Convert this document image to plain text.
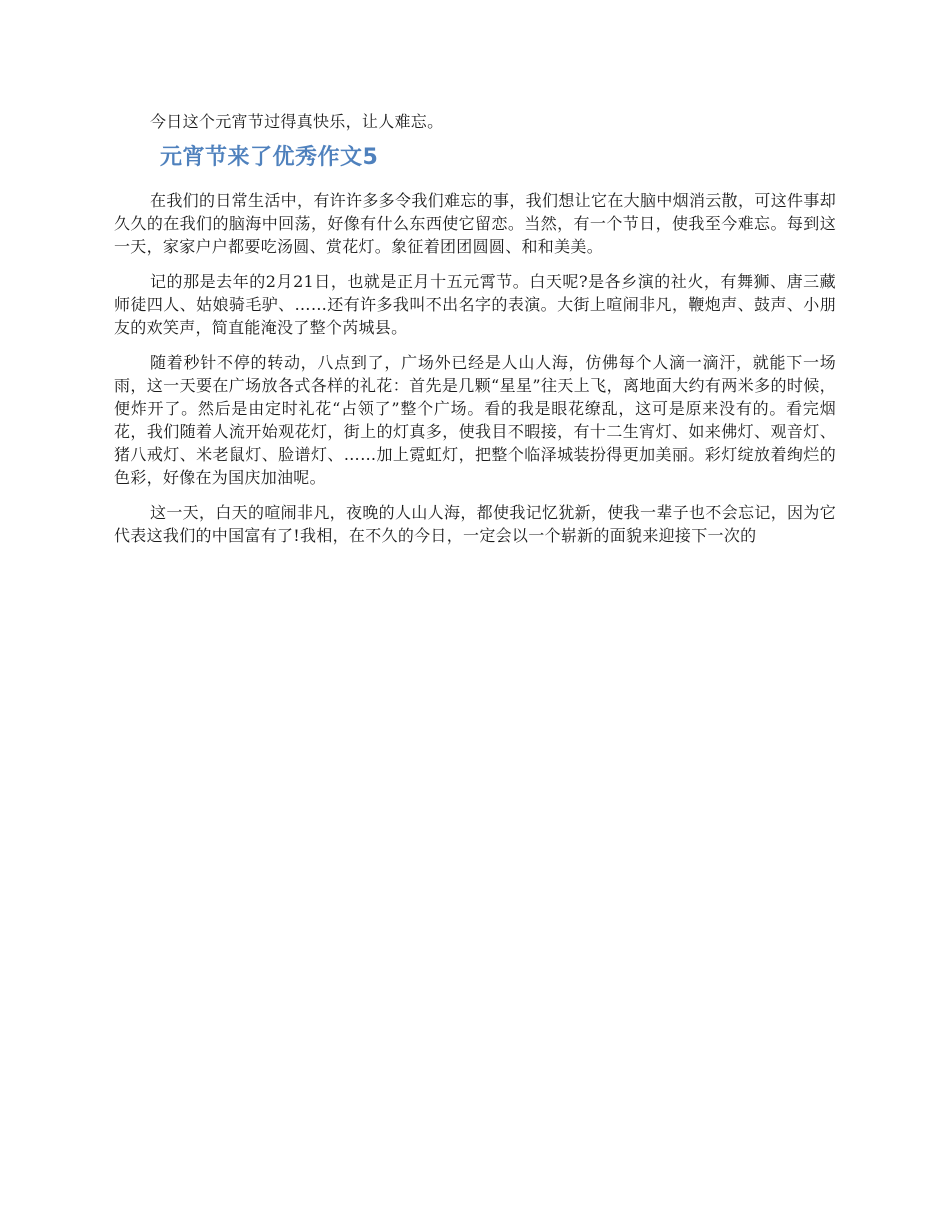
今日这个元宵节过得真快乐，让人难忘。

元宵节来了优秀作文5

在我们的日常生活中，有许许多多令我们难忘的事，我们想让它在大脑中烟消云散，可这件事却久久的在我们的脑海中回荡，好像有什么东西使它留恋。当然，有一个节日，使我至今难忘。每到这一天，家家户户都要吃汤圆、赏花灯。象征着团团圆圆、和和美美。

记的那是去年的2月21日，也就是正月十五元霄节。白天呢?是各乡演的社火，有舞狮、唐三藏师徒四人、姑娘骑毛驴、……还有许多我叫不出名字的表演。大街上喧闹非凡，鞭炮声、鼓声、小朋友的欢笑声，简直能淹没了整个芮城县。

随着秒针不停的转动，八点到了，广场外已经是人山人海，仿佛每个人滴一滴汗，就能下一场雨，这一天要在广场放各式各样的礼花：首先是几颗“星星”往天上飞，离地面大约有两米多的时候，便炸开了。然后是由定时礼花“占领了”整个广场。看的我是眼花缭乱，这可是原来没有的。看完烟花，我们随着人流开始观花灯，街上的灯真多，使我目不暇接，有十二生宵灯、如来佛灯、观音灯、猪八戒灯、米老鼠灯、脸谱灯、……加上霓虹灯，把整个临泽城装扮得更加美丽。彩灯绽放着绚烂的色彩，好像在为国庆加油呢。

这一天，白天的喧闹非凡，夜晚的人山人海，都使我记忆犹新，使我一辈子也不会忘记，因为它代表这我们的中国富有了!我相，在不久的今日，一定会以一个崭新的面貌来迎接下一次的
